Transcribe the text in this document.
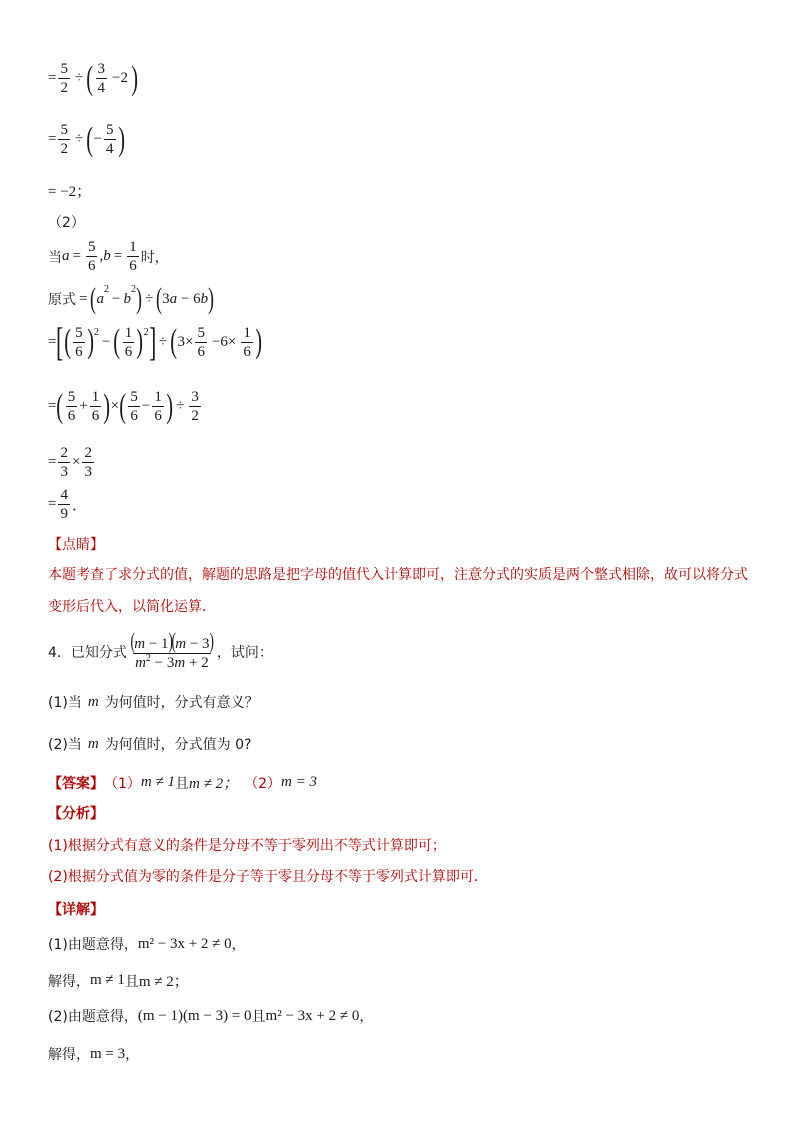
= $\frac{5}{2}$ ÷ ( $\frac{3}{4} -2$ )
= $\frac{5}{2}$ ÷ ( − $\frac{5}{4}$ )
= −2；
（2）
当 $a = \frac{5}{6}$ , $b = \frac{1}{6}$ 时，
原式 = ( a
2
− b
2 ) ÷ ( 3a − 6b )
= [ ( $\frac{5}{6}$ ) 2
− ( $\frac{1}{6}$ ) 2 ] ÷ ( $3\times \frac{5}{6} -6\times \frac{1}{6}$ )
= ( $\frac{5}{6} + \frac{1}{6}$ ) × ( $\frac{5}{6} - \frac{1}{6}$ ) ÷ $\frac{3}{2}$
= $\frac{2}{3} \times \frac{2}{3}$
= $\frac{4}{9}$ ．
【点睛】
本题考查了求分式的值，解题的思路是把字母的值代入计算即可，注意分式的实质是两个整式相除，故可以将分式
变形后代入，以简化运算．
4．已知分式 $\frac{(m - 1)(m - 3)}{m^2 - 3m + 2}$ ，试问：
(1)当 m 为何值时，分式有意义？
(2)当 m 为何值时，分式值为 0?
【答案】 （1） m ≠ 1 且 m ≠ 2； （2） m = 3
【分析】
(1)根据分式有意义的条件是分母不等于零列出不等式计算即可；
(2)根据分式值为零的条件是分子等于零且分母不等于零列式计算即可．
【详解】
(1)由题意得， m² − 3x + 2 ≠ 0 ，
解得， m ≠ 1 且 m ≠ 2；
(2)由题意得， (m − 1)(m − 3) = 0 且 m² − 3x + 2 ≠ 0 ，
解得， m = 3 ，
